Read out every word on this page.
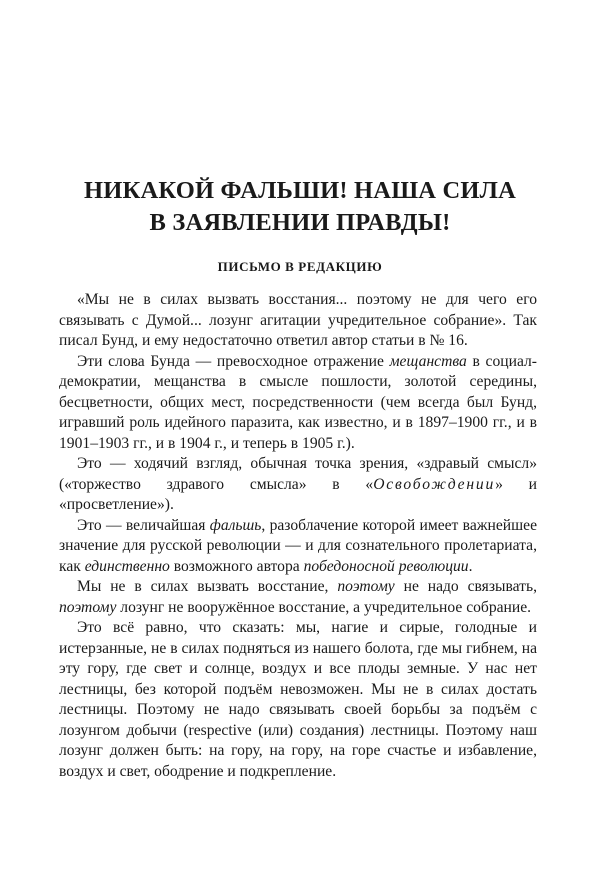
НИКАКОЙ ФАЛЬШИ! НАША СИЛА
В ЗАЯВЛЕНИИ ПРАВДЫ!
ПИСЬМО В РЕДАКЦИЮ

«Мы не в силах вызвать восстания... поэтому не для чего его связывать с Думой... лозунг агитации учредительное собрание». Так писал Бунд, и ему недостаточно ответил автор статьи в № 16.

Эти слова Бунда — превосходное отражение мещанства в социал-демократии, мещанства в смысле пошлости, золотой середины, бесцветности, общих мест, посредственности (чем всегда был Бунд, игравший роль идейного паразита, как известно, и в 1897–1900 гг., и в 1901–1903 гг., и в 1904 г., и теперь в 1905 г.).

Это — ходячий взгляд, обычная точка зрения, «здравый смысл» («торжество здравого смысла» в «Освобождении» и «просветление»).

Это — величайшая фальшь, разоблачение которой имеет важнейшее значение для русской революции — и для сознательного пролетариата, как единственно возможного автора победоносной революции.

Мы не в силах вызвать восстание, поэтому не надо связывать, поэтому лозунг не вооружённое восстание, а учредительное собрание.

Это всё равно, что сказать: мы, нагие и сирые, голодные и истерзанные, не в силах подняться из нашего болота, где мы гибнем, на эту гору, где свет и солнце, воздух и все плоды земные. У нас нет лестницы, без которой подъём невозможен. Мы не в силах достать лестницы. Поэтому не надо связывать своей борьбы за подъём с лозунгом добычи (respective (или) создания) лестницы. Поэтому наш лозунг должен быть: на гору, на гору, на горе счастье и избавление, воздух и свет, ободрение и подкрепление.
